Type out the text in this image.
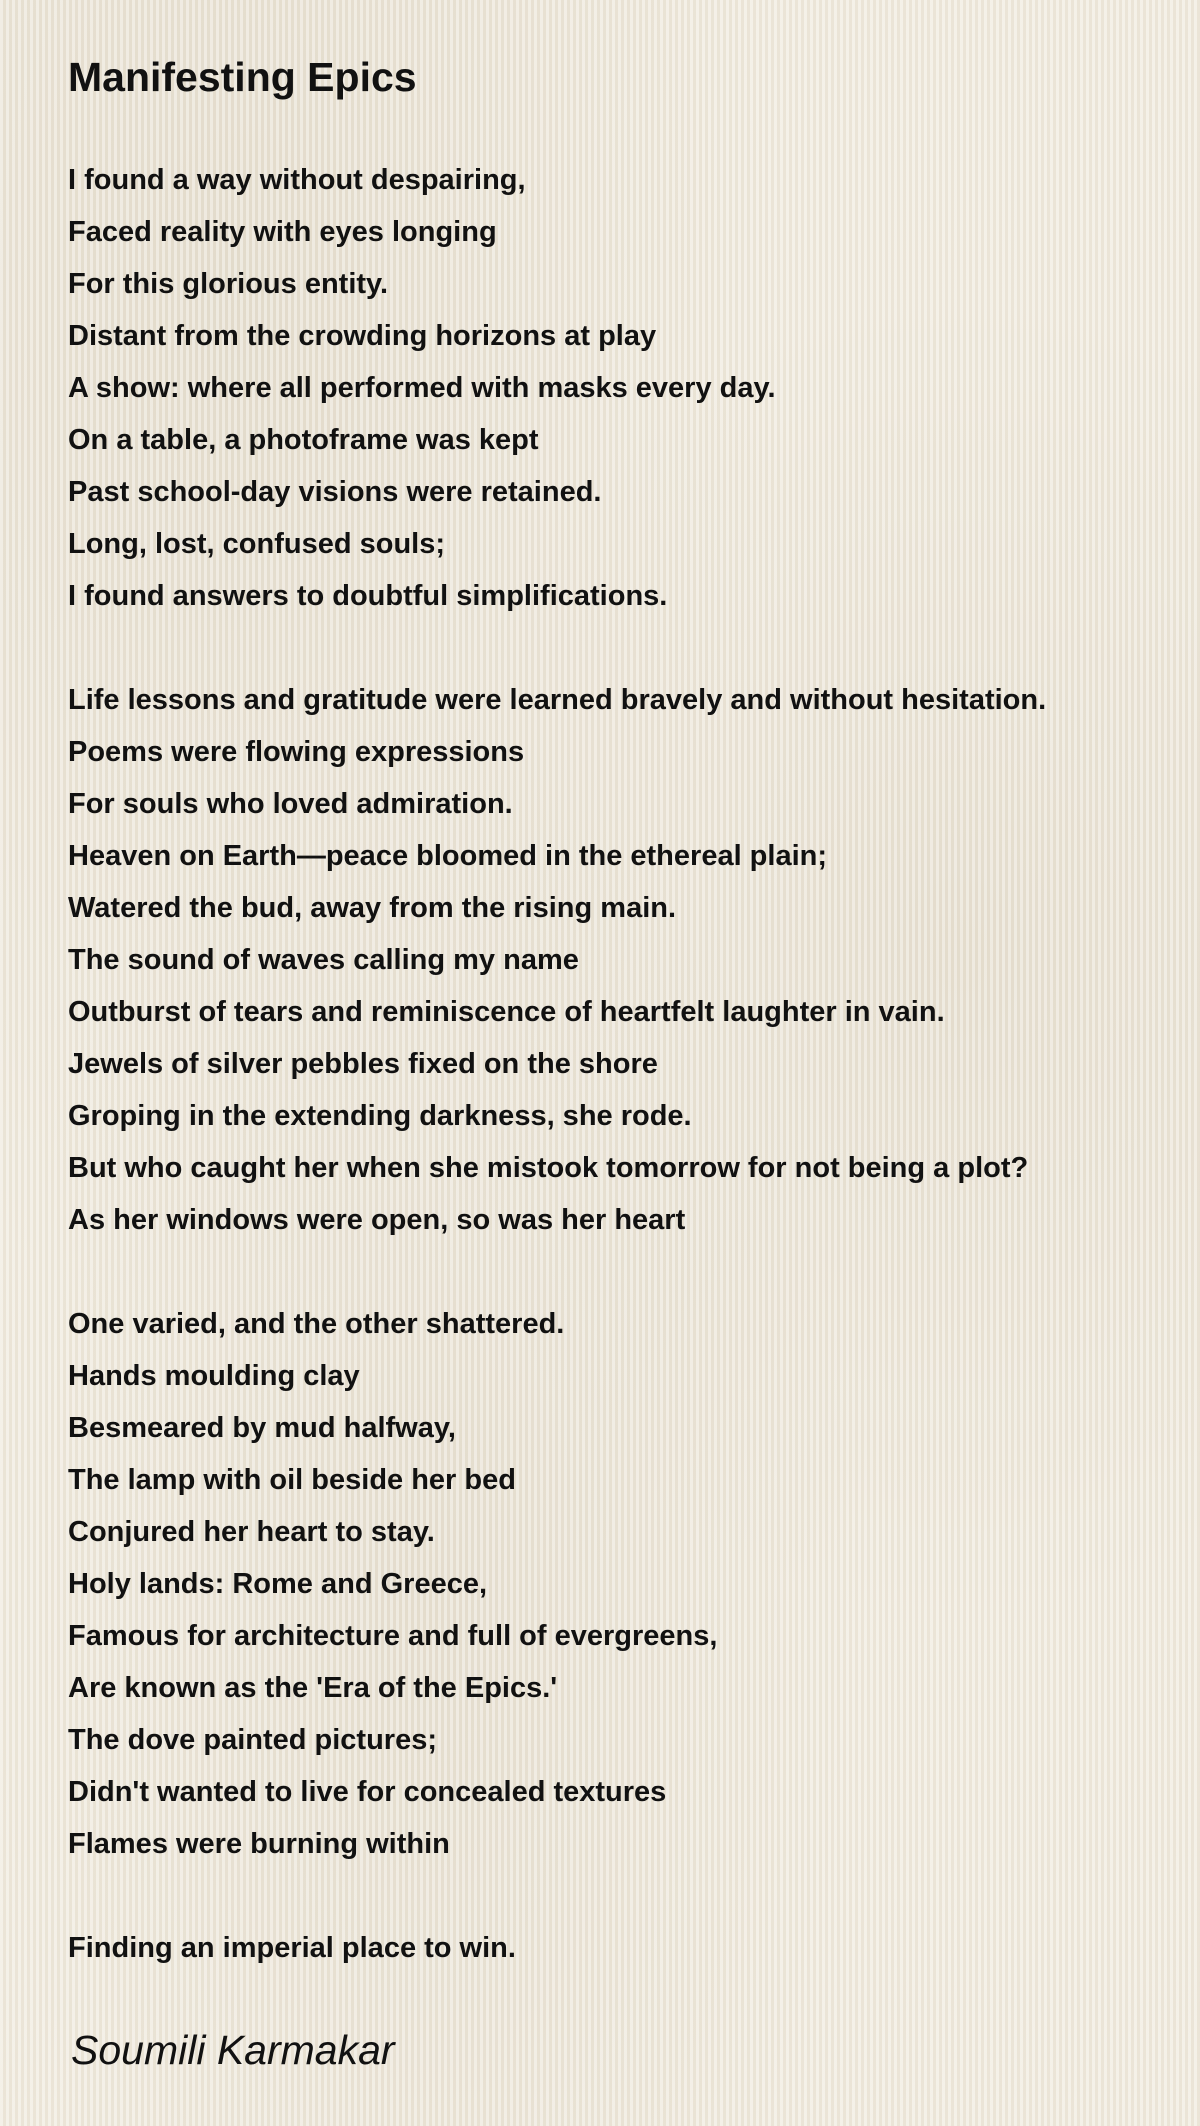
Manifesting Epics
I found a way without despairing,
Faced reality with eyes longing
For this glorious entity.
Distant from the crowding horizons at play
A show: where all performed with masks every day.
On a table, a photoframe was kept
Past school-day visions were retained.
Long, lost, confused souls;
I found answers to doubtful simplifications.
Life lessons and gratitude were learned bravely and without hesitation.
Poems were flowing expressions
For souls who loved admiration.
Heaven on Earth—peace bloomed in the ethereal plain;
Watered the bud, away from the rising main.
The sound of waves calling my name
Outburst of tears and reminiscence of heartfelt laughter in vain.
Jewels of silver pebbles fixed on the shore
Groping in the extending darkness, she rode.
But who caught her when she mistook tomorrow for not being a plot?
As her windows were open, so was her heart
One varied, and the other shattered.
Hands moulding clay
Besmeared by mud halfway,
The lamp with oil beside her bed
Conjured her heart to stay.
Holy lands: Rome and Greece,
Famous for architecture and full of evergreens,
Are known as the 'Era of the Epics.'
The dove painted pictures;
Didn't wanted to live for concealed textures
Flames were burning within
Finding an imperial place to win.
Soumili Karmakar
